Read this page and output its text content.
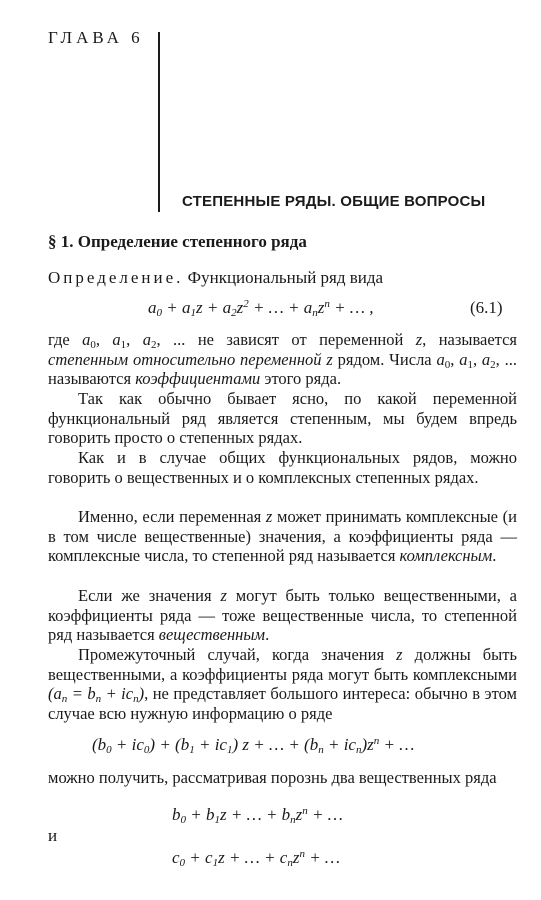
ГЛАВА 6
СТЕПЕННЫЕ РЯДЫ. ОБЩИЕ ВОПРОСЫ
§ 1. Определение степенного ряда
Определение. Функциональный ряд вида
$a_0 + a_1z + a_2z^2$ + … + $a_nz^n$ + … ,	(6.1)
где $a_0$, $a_1$, $a_2$, ... не зависят от переменной z, называется степенным относительно переменной z рядом. Числа $a_0$, $a_1$, $a_2$, ... называются коэффициентами этого ряда.
Так как обычно бывает ясно, по какой переменной функциональный ряд является степенным, мы будем впредь говорить просто о степенных рядах.
Как и в случае общих функциональных рядов, можно говорить о вещественных и о комплексных степенных рядах.
Именно, если переменная z может принимать комплексные (и в том числе вещественные) значения, а коэффициенты ряда — комплексные числа, то степенной ряд называется комплексным.
Если же значения z могут быть только вещественными, а коэффициенты ряда — тоже вещественные числа, то степенной ряд называется вещественным.
Промежуточный случай, когда значения z должны быть вещественными, а коэффициенты ряда могут быть комплексными $(a_n = b_n + ic_n)$, не представляет большого интереса: обычно в этом случае всю нужную информацию о ряде
$(b_0 + ic_0) + (b_1 + ic_1) z$ + … + $(b_n + ic_n)z^n$ + …
можно получить, рассматривая порознь два вещественных ряда
$b_0 + b_1z$ + … + $b_nz^n$ + …
и
$c_0 + c_1z$ + … + $c_nz^n$ + …
